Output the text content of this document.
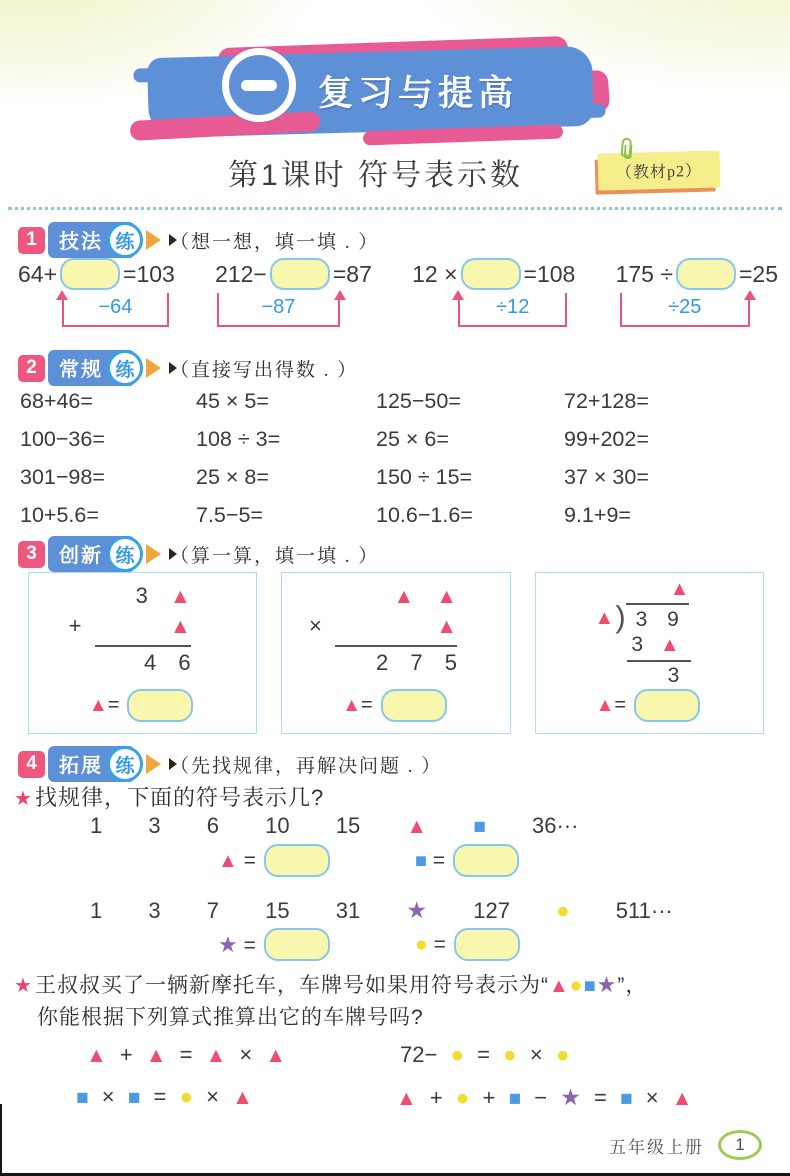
复习与提高
第1课时 符号表示数	（教材p2）
1	技法 练	（想一想，填一填 . ）
64+	=103
−64
212−	=87
−87
12 ×	=108
÷12
175 ÷	=25
÷25
2	常规 练	（直接写出得数 . ）
68+46=	45 × 5=	125−50=	72+128=
100−36=	108 ÷ 3=	25 × 6=	99+202=
301−98=	25 × 8=	150 ÷ 15=	37 × 30=
10+5.6=	7.5−5=	10.6−1.6=	9.1+9=
3	创新 练	（算一算，填一填 . ）
3 ▲
+	▲
4 6
▲=
▲ ▲
×	▲
2 7 5
▲=
▲
▲ ) 3 9
3 ▲
3
▲=
4	拓展 练	（先找规律，再解决问题 . ）
★找规律，下面的符号表示几?
1 3 6 10 15 ▲ ■ 36···
▲ =	■ =
1 3 7 15 31 ★ 127 ● 511···
★ =	● =
★王叔叔买了一辆新摩托车，车牌号如果用符号表示为“▲●■★”，
你能根据下列算式推算出它的车牌号吗?
▲ + ▲ = ▲ × ▲	72− ● = ● × ●
■ × ■ = ● × ▲	▲ + ● + ■ − ★ = ■ × ▲
五年级上册	1
